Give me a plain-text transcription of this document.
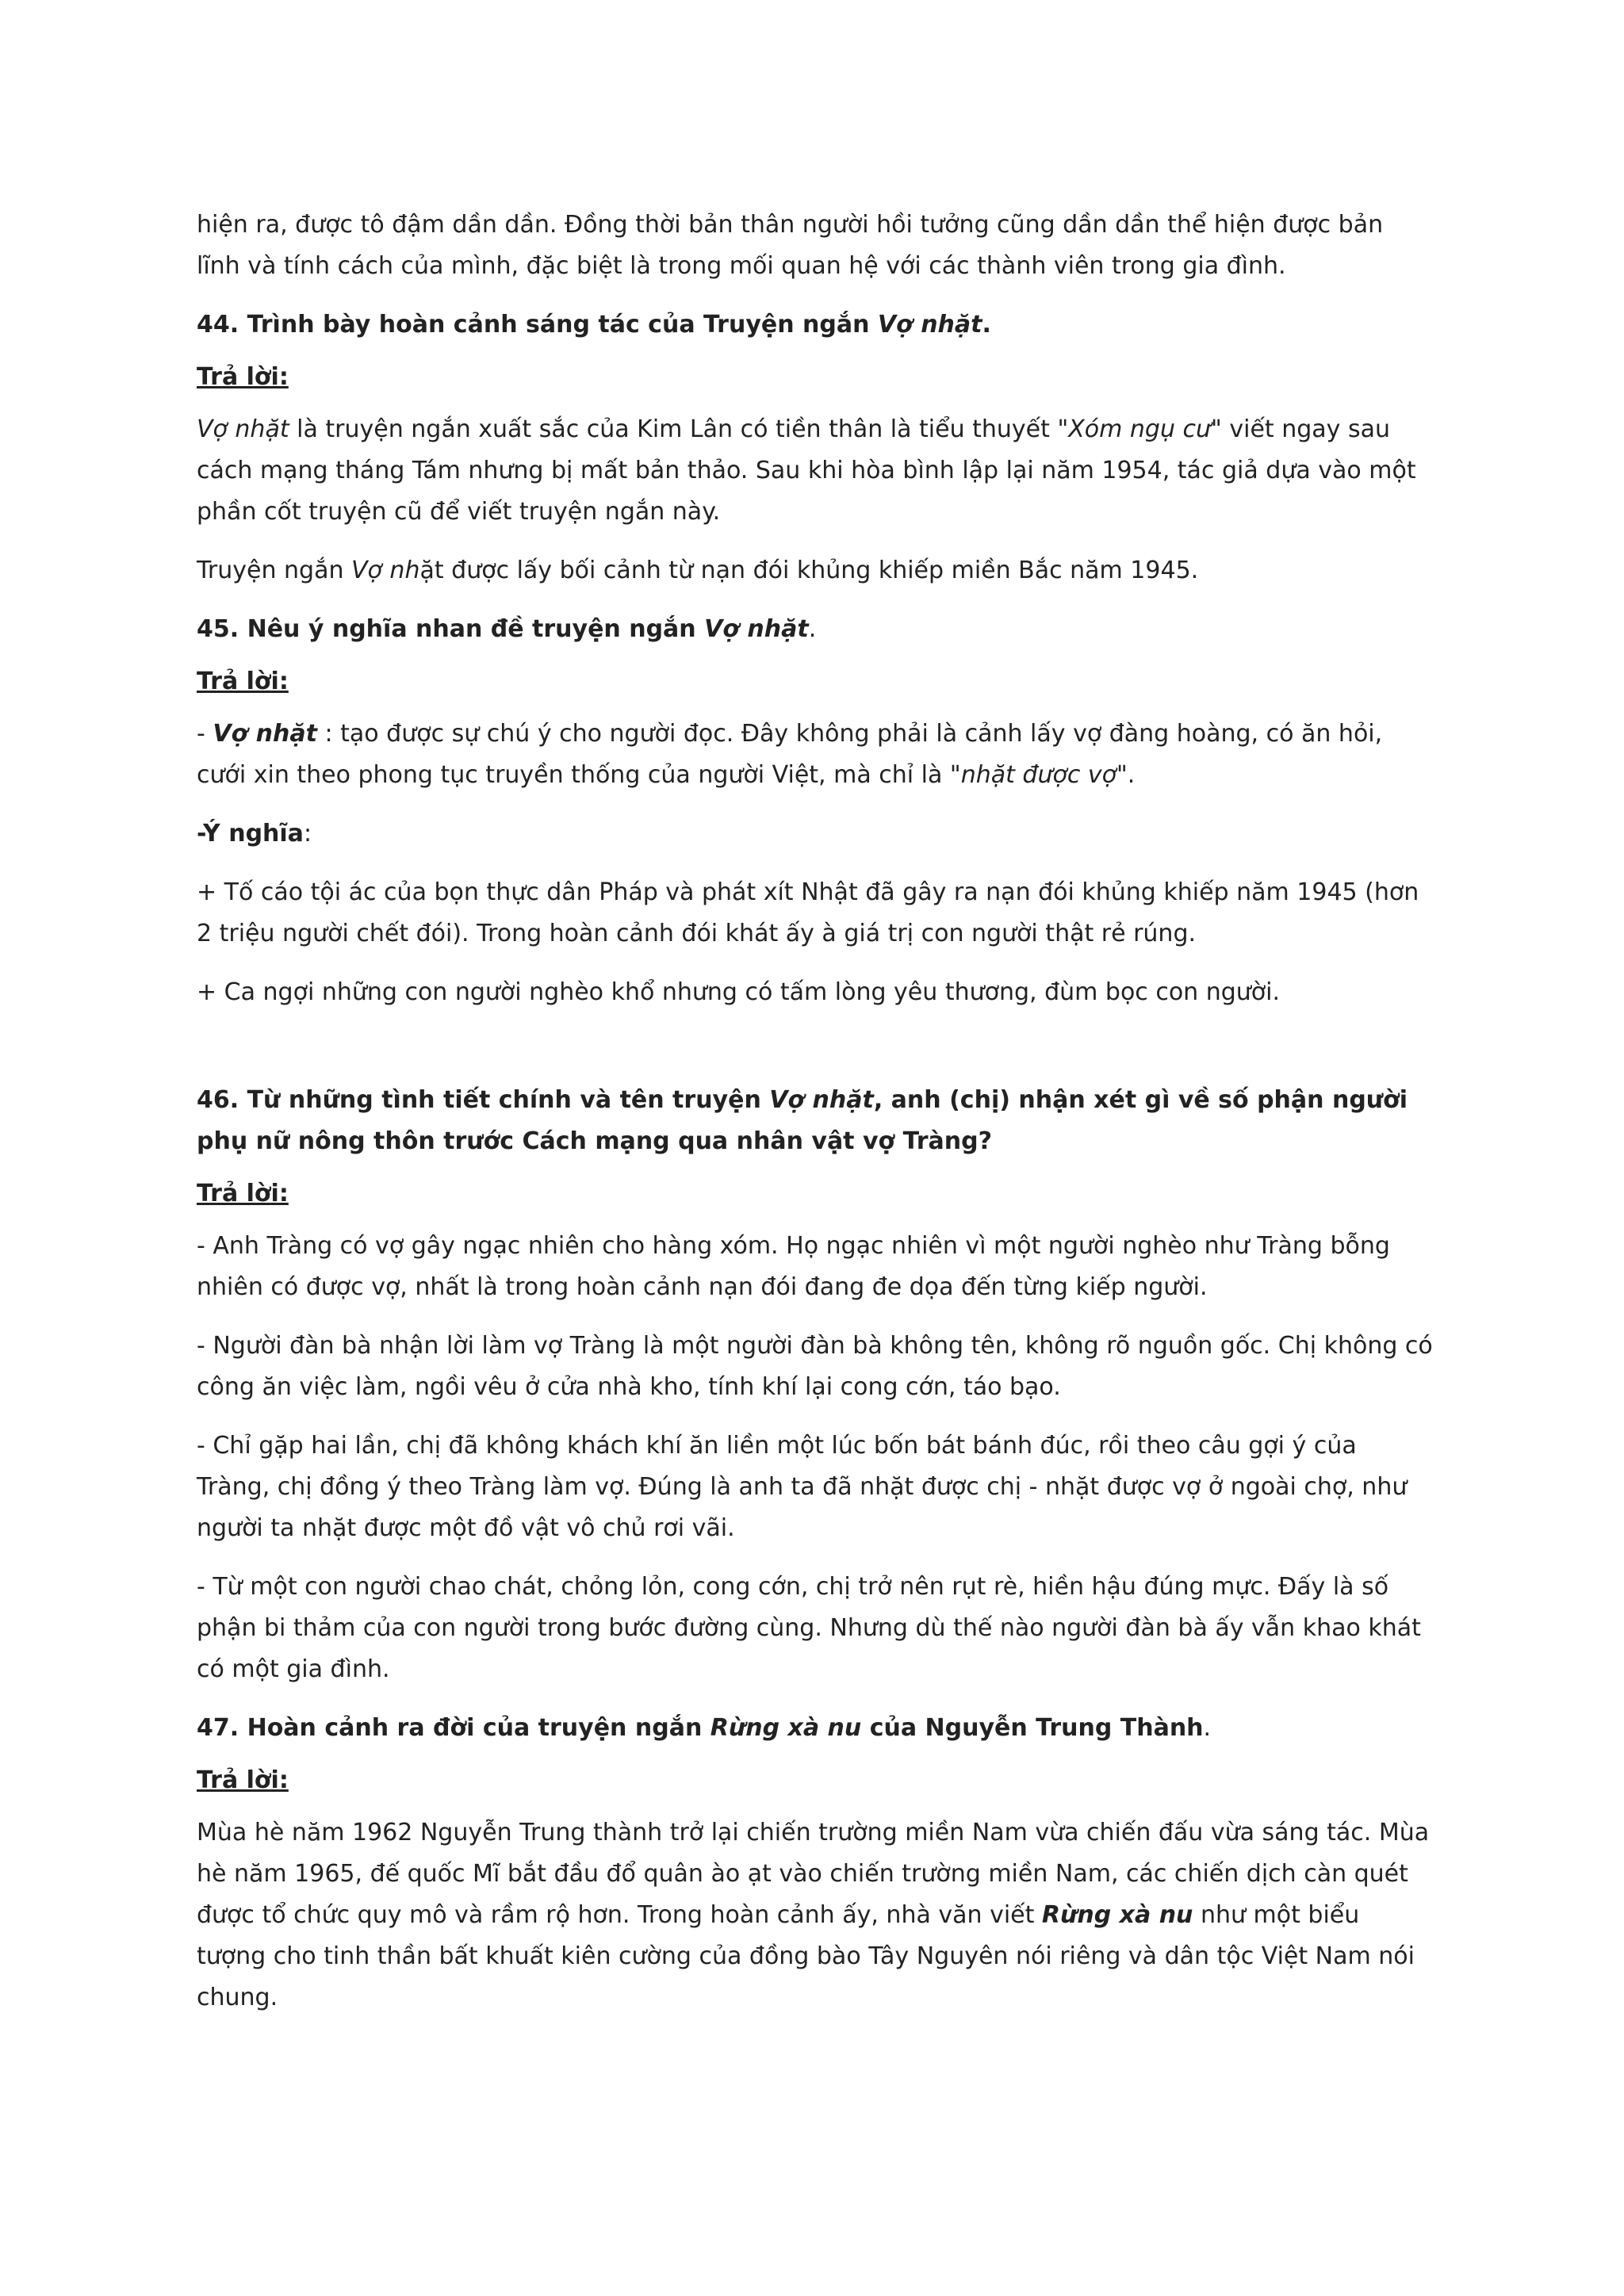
hiện ra, được tô đậm dần dần. Đồng thời bản thân người hồi tưởng cũng dần dần thể hiện được bản lĩnh và tính cách của mình, đặc biệt là trong mối quan hệ với các thành viên trong gia đình.

44. Trình bày hoàn cảnh sáng tác của Truyện ngắn Vợ nhặt.

Trả lời:

Vợ nhặt là truyện ngắn xuất sắc của Kim Lân có tiền thân là tiểu thuyết "Xóm ngụ cư" viết ngay sau cách mạng tháng Tám nhưng bị mất bản thảo. Sau khi hòa bình lập lại năm 1954, tác giả dựa vào một phần cốt truyện cũ để viết truyện ngắn này.

Truyện ngắn Vợ nhặt được lấy bối cảnh từ nạn đói khủng khiếp miền Bắc năm 1945.

45. Nêu ý nghĩa nhan đề truyện ngắn Vợ nhặt.

Trả lời:

- Vợ nhặt : tạo được sự chú ý cho người đọc. Đây không phải là cảnh lấy vợ đàng hoàng, có ăn hỏi, cưới xin theo phong tục truyền thống của người Việt, mà chỉ là "nhặt được vợ".

-Ý nghĩa:

+ Tố cáo tội ác của bọn thực dân Pháp và phát xít Nhật đã gây ra nạn đói khủng khiếp năm 1945 (hơn 2 triệu người chết đói). Trong hoàn cảnh đói khát ấy à giá trị con người thật rẻ rúng.

+ Ca ngợi những con người nghèo khổ nhưng có tấm lòng yêu thương, đùm bọc con người.

46. Từ những tình tiết chính và tên truyện Vợ nhặt, anh (chị) nhận xét gì về số phận người phụ nữ nông thôn trước Cách mạng qua nhân vật vợ Tràng?

Trả lời:

- Anh Tràng có vợ gây ngạc nhiên cho hàng xóm. Họ ngạc nhiên vì một người nghèo như Tràng bỗng nhiên có được vợ, nhất là trong hoàn cảnh nạn đói đang đe dọa đến từng kiếp người.

- Người đàn bà nhận lời làm vợ Tràng là một người đàn bà không tên, không rõ nguồn gốc. Chị không có công ăn việc làm, ngồi vêu ở cửa nhà kho, tính khí lại cong cớn, táo bạo.

- Chỉ gặp hai lần, chị đã không khách khí ăn liền một lúc bốn bát bánh đúc, rồi theo câu gợi ý của Tràng, chị đồng ý theo Tràng làm vợ. Đúng là anh ta đã nhặt được chị - nhặt được vợ ở ngoài chợ, như người ta nhặt được một đồ vật vô chủ rơi vãi.

- Từ một con người chao chát, chỏng lỏn, cong cớn, chị trở nên rụt rè, hiền hậu đúng mực. Đấy là số phận bi thảm của con người trong bước đường cùng. Nhưng dù thế nào người đàn bà ấy vẫn khao khát có một gia đình.

47. Hoàn cảnh ra đời của truyện ngắn Rừng xà nu của Nguyễn Trung Thành.

Trả lời:

Mùa hè năm 1962 Nguyễn Trung thành trở lại chiến trường miền Nam vừa chiến đấu vừa sáng tác. Mùa hè năm 1965, đế quốc Mĩ bắt đầu đổ quân ào ạt vào chiến trường miền Nam, các chiến dịch càn quét được tổ chức quy mô và rầm rộ hơn. Trong hoàn cảnh ấy, nhà văn viết Rừng xà nu như một biểu tượng cho tinh thần bất khuất kiên cường của đồng bào Tây Nguyên nói riêng và dân tộc Việt Nam nói chung.
